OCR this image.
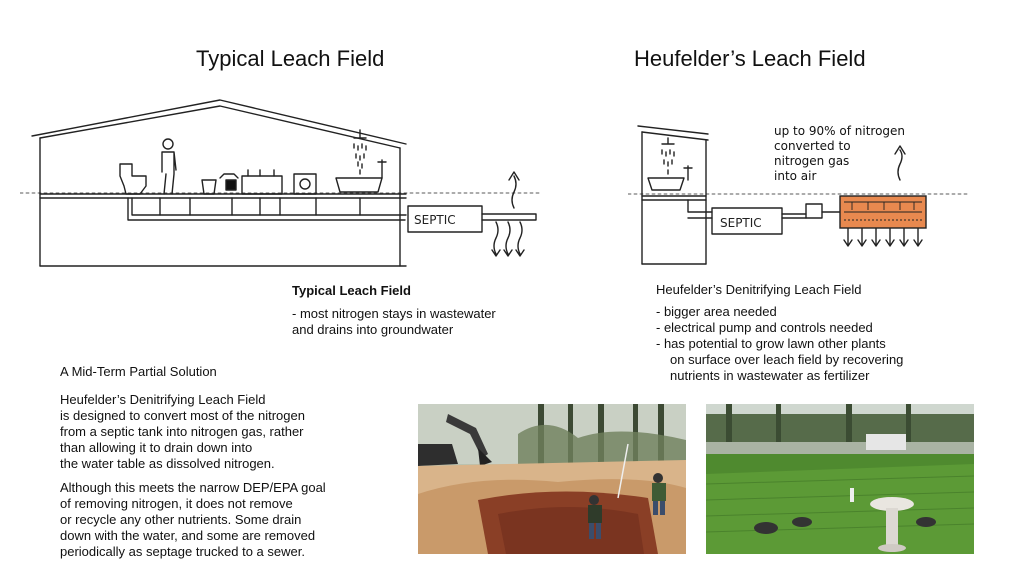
Typical Leach Field	Heufelder’s Leach Field
SEPTIC	SEPTIC
up to 90% of nitrogen
converted to
nitrogen gas
into air
Typical Leach Field
- most nitrogen stays in wastewater
and drains into groundwater
Heufelder’s Denitrifying Leach Field
- bigger area needed
- electrical pump and controls needed
- has potential to grow lawn other plants
on surface over leach field by recovering
nutrients in wastewater as fertilizer
A Mid-Term Partial Solution
Heufelder’s Denitrifying Leach Field
is designed to convert most of the nitrogen
from a septic tank into nitrogen gas, rather
than allowing it to drain down into
the water table as dissolved nitrogen.
Although this meets the narrow DEP/EPA goal
of removing nitrogen, it does not remove
or recycle any other nutrients. Some drain
down with the water, and some are removed
periodically as septage trucked to a sewer.
